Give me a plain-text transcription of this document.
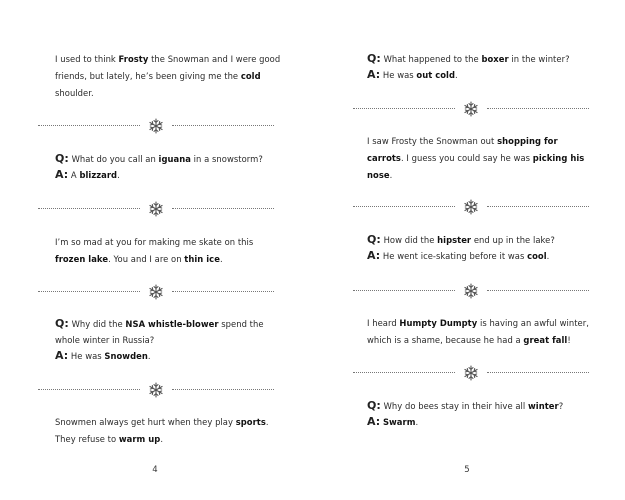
I used to think Frosty the Snowman and I were good friends, but lately, he’s been giving me the cold shoulder.
Q: What do you call an iguana in a snowstorm?
A: A blizzard.
I’m so mad at you for making me skate on this frozen lake. You and I are on thin ice.
Q: Why did the NSA whistle-blower spend the whole winter in Russia?
A: He was Snowden.
Snowmen always get hurt when they play sports. They refuse to warm up.
4
Q: What happened to the boxer in the winter?
A: He was out cold.
I saw Frosty the Snowman out shopping for carrots. I guess you could say he was picking his nose.
Q: How did the hipster end up in the lake?
A: He went ice-skating before it was cool.
I heard Humpty Dumpty is having an awful winter, which is a shame, because he had a great fall!
Q: Why do bees stay in their hive all winter?
A: Swarm.
5
